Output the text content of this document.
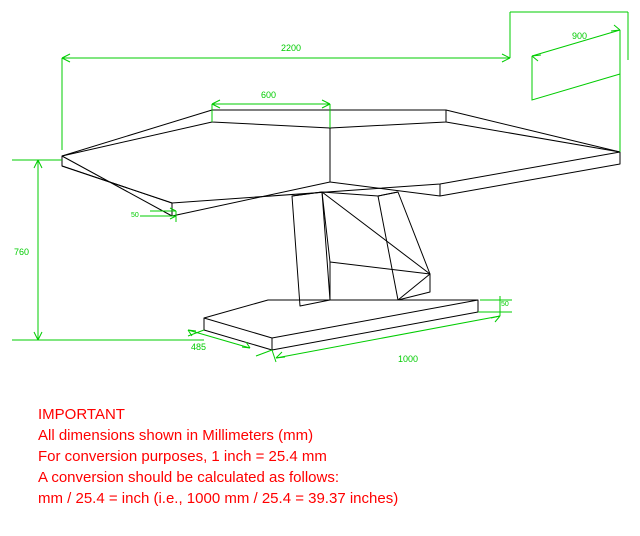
2200
900
600
50
760
50
485
1000
IMPORTANT
All dimensions shown in Millimeters (mm)
For conversion purposes, 1 inch = 25.4 mm
A conversion should be calculated as follows:
mm / 25.4 = inch (i.e., 1000 mm / 25.4 = 39.37 inches)
